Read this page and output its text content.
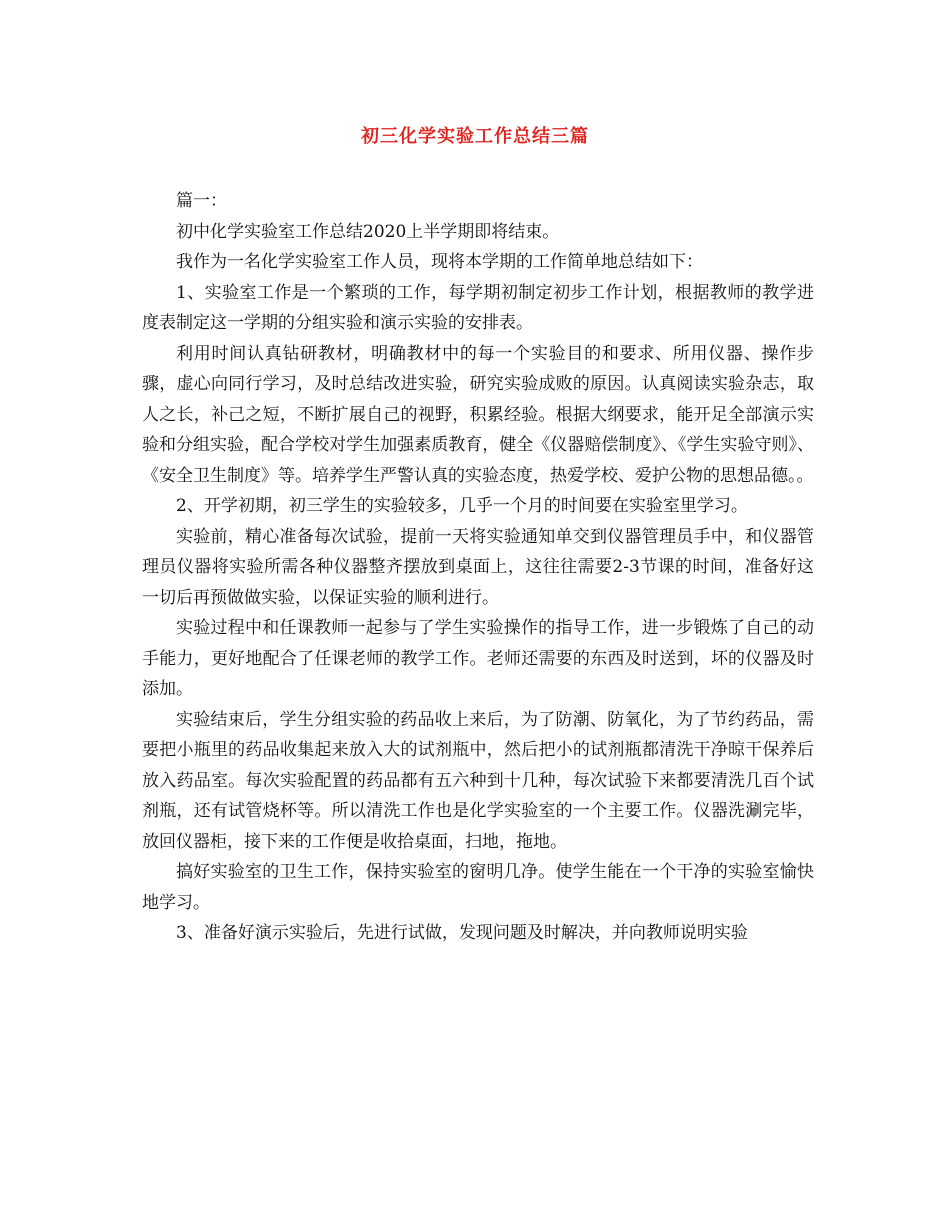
初三化学实验工作总结三篇

篇一：

初中化学实验室工作总结2020上半学期即将结束。

我作为一名化学实验室工作人员，现将本学期的工作简单地总结如下：

1、实验室工作是一个繁琐的工作，每学期初制定初步工作计划，根据教师的教学进度表制定这一学期的分组实验和演示实验的安排表。

利用时间认真钻研教材，明确教材中的每一个实验目的和要求、所用仪器、操作步骤，虚心向同行学习，及时总结改进实验，研究实验成败的原因。认真阅读实验杂志，取人之长，补己之短，不断扩展自己的视野，积累经验。根据大纲要求，能开足全部演示实验和分组实验，配合学校对学生加强素质教育，健全《仪器赔偿制度》、《学生实验守则》、《安全卫生制度》等。培养学生严警认真的实验态度，热爱学校、爱护公物的思想品德。。

2、开学初期，初三学生的实验较多，几乎一个月的时间要在实验室里学习。

实验前，精心准备每次试验，提前一天将实验通知单交到仪器管理员手中，和仪器管理员仪器将实验所需各种仪器整齐摆放到桌面上，这往往需要2-3节课的时间，准备好这一切后再预做做实验，以保证实验的顺利进行。

实验过程中和任课教师一起参与了学生实验操作的指导工作，进一步锻炼了自己的动手能力，更好地配合了任课老师的教学工作。老师还需要的东西及时送到，坏的仪器及时添加。

实验结束后，学生分组实验的药品收上来后，为了防潮、防氧化，为了节约药品，需要把小瓶里的药品收集起来放入大的试剂瓶中，然后把小的试剂瓶都清洗干净晾干保养后放入药品室。每次实验配置的药品都有五六种到十几种，每次试验下来都要清洗几百个试剂瓶，还有试管烧杯等。所以清洗工作也是化学实验室的一个主要工作。仪器洗涮完毕，放回仪器柜，接下来的工作便是收拾桌面，扫地，拖地。

搞好实验室的卫生工作，保持实验室的窗明几净。使学生能在一个干净的实验室愉快地学习。

3、准备好演示实验后，先进行试做，发现问题及时解决，并向教师说明实验
